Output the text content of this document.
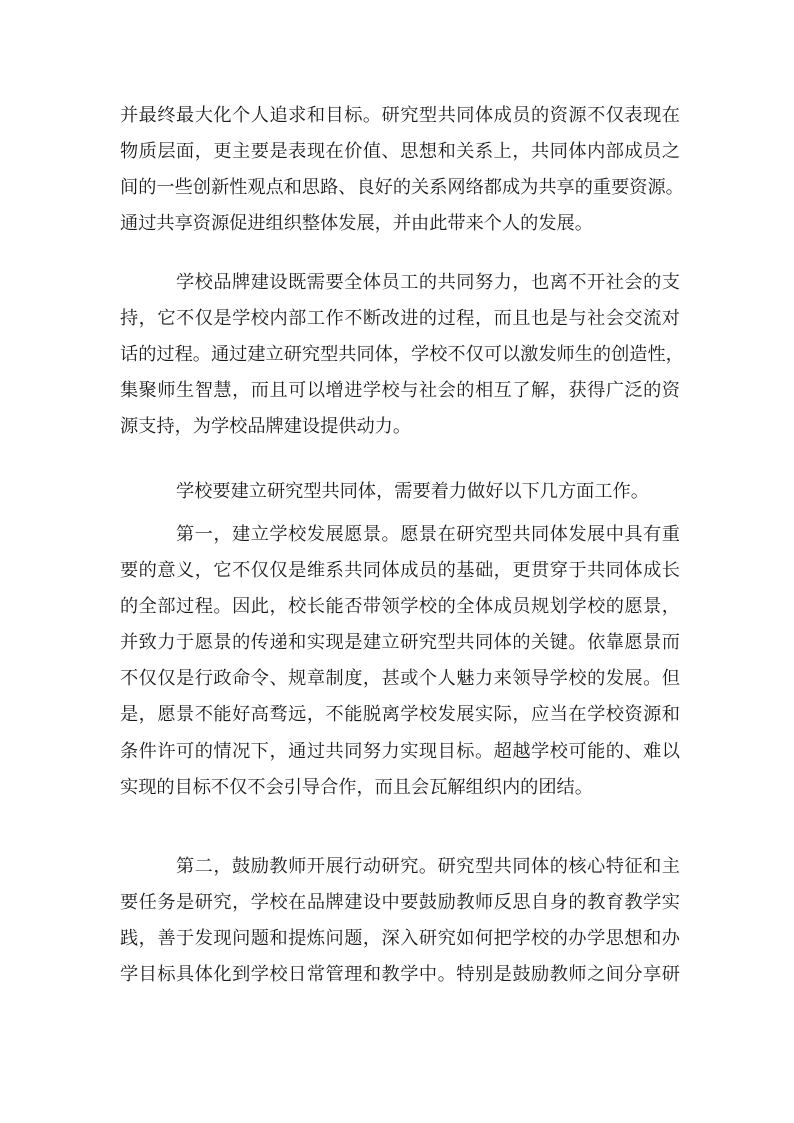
并最终最大化个人追求和目标。研究型共同体成员的资源不仅表现在
物质层面，更主要是表现在价值、思想和关系上，共同体内部成员之
间的一些创新性观点和思路、良好的关系网络都成为共享的重要资源。
通过共享资源促进组织整体发展，并由此带来个人的发展。

学校品牌建设既需要全体员工的共同努力，也离不开社会的支
持，它不仅是学校内部工作不断改进的过程，而且也是与社会交流对
话的过程。通过建立研究型共同体，学校不仅可以激发师生的创造性，
集聚师生智慧，而且可以增进学校与社会的相互了解，获得广泛的资
源支持，为学校品牌建设提供动力。

学校要建立研究型共同体，需要着力做好以下几方面工作。

第一，建立学校发展愿景。愿景在研究型共同体发展中具有重
要的意义，它不仅仅是维系共同体成员的基础，更贯穿于共同体成长
的全部过程。因此，校长能否带领学校的全体成员规划学校的愿景，
并致力于愿景的传递和实现是建立研究型共同体的关键。依靠愿景而
不仅仅是行政命令、规章制度，甚或个人魅力来领导学校的发展。但
是，愿景不能好高骛远，不能脱离学校发展实际，应当在学校资源和
条件许可的情况下，通过共同努力实现目标。超越学校可能的、难以
实现的目标不仅不会引导合作，而且会瓦解组织内的团结。

第二，鼓励教师开展行动研究。研究型共同体的核心特征和主
要任务是研究，学校在品牌建设中要鼓励教师反思自身的教育教学实
践，善于发现问题和提炼问题，深入研究如何把学校的办学思想和办
学目标具体化到学校日常管理和教学中。特别是鼓励教师之间分享研
